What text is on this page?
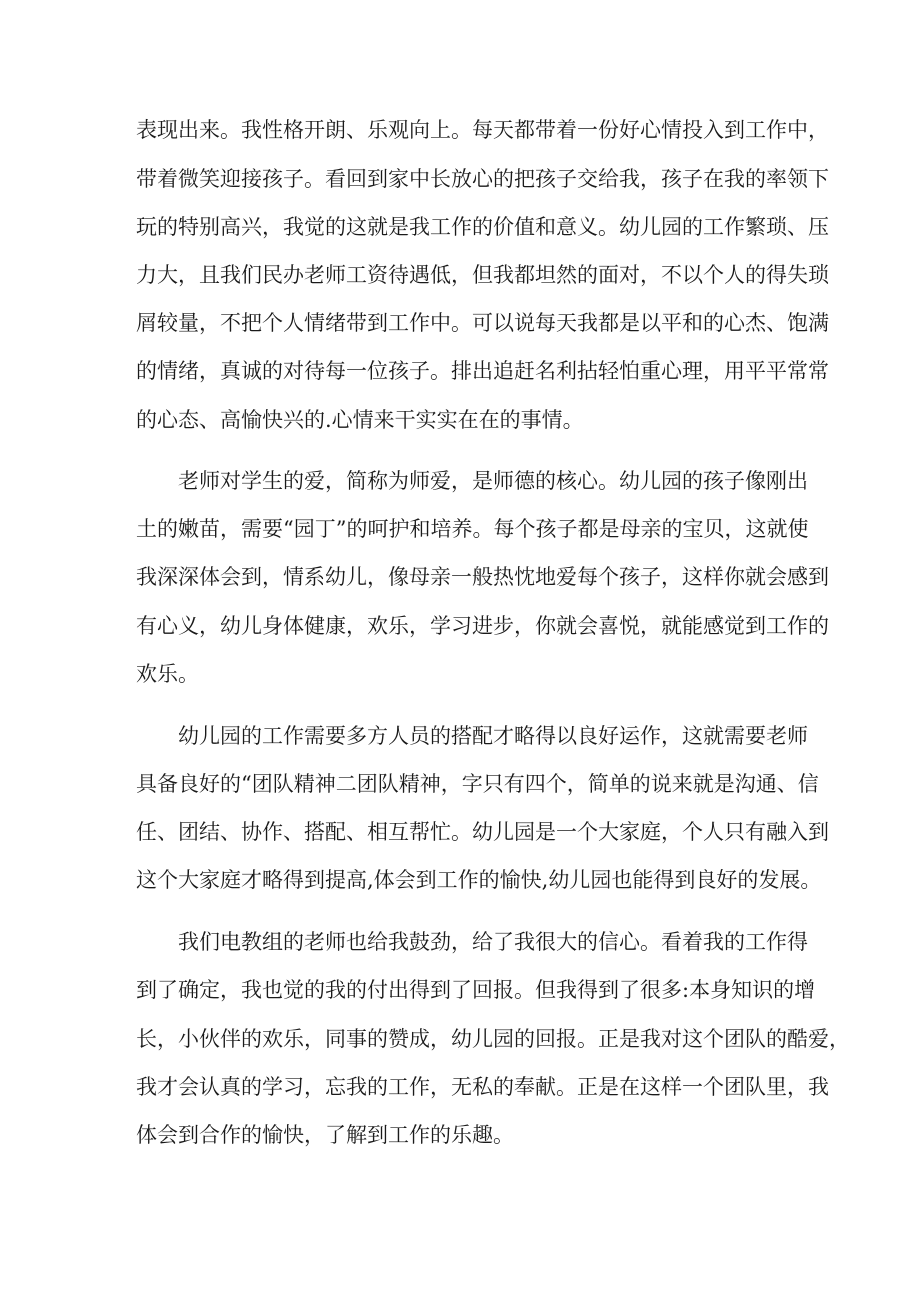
表现出来。我性格开朗、乐观向上。每天都带着一份好心情投入到工作中，
带着微笑迎接孩子。看回到家中长放心的把孩子交给我，孩子在我的率领下
玩的特别高兴，我觉的这就是我工作的价值和意义。幼儿园的工作繁琐、压
力大，且我们民办老师工资待遇低，但我都坦然的面对，不以个人的得失琐
屑较量，不把个人情绪带到工作中。可以说每天我都是以平和的心杰、饱满
的情绪，真诚的对待每一位孩子。排出追赶名利拈轻怕重心理，用平平常常
的心态、高愉快兴的.心情来干实实在在的事情。
老师对学生的爱，简称为师爱，是师德的核心。幼儿园的孩子像刚出
土的嫩苗，需要“园丁”的呵护和培养。每个孩子都是母亲的宝贝，这就使
我深深体会到，情系幼儿，像母亲一般热忱地爱每个孩子，这样你就会感到
有心义，幼儿身体健康，欢乐，学习进步，你就会喜悦，就能感觉到工作的
欢乐。
幼儿园的工作需要多方人员的搭配才略得以良好运作，这就需要老师
具备良好的“团队精神二团队精神，字只有四个，简单的说来就是沟通、信
任、团结、协作、搭配、相互帮忙。幼儿园是一个大家庭，个人只有融入到
这个大家庭才略得到提高,体会到工作的愉快,幼儿园也能得到良好的发展。
我们电教组的老师也给我鼓劲，给了我很大的信心。看着我的工作得
到了确定，我也觉的我的付出得到了回报。但我得到了很多:本身知识的增
长，小伙伴的欢乐，同事的赞成，幼儿园的回报。正是我对这个团队的酷爱，
我才会认真的学习，忘我的工作，无私的奉献。正是在这样一个团队里，我
体会到合作的愉快，了解到工作的乐趣。
